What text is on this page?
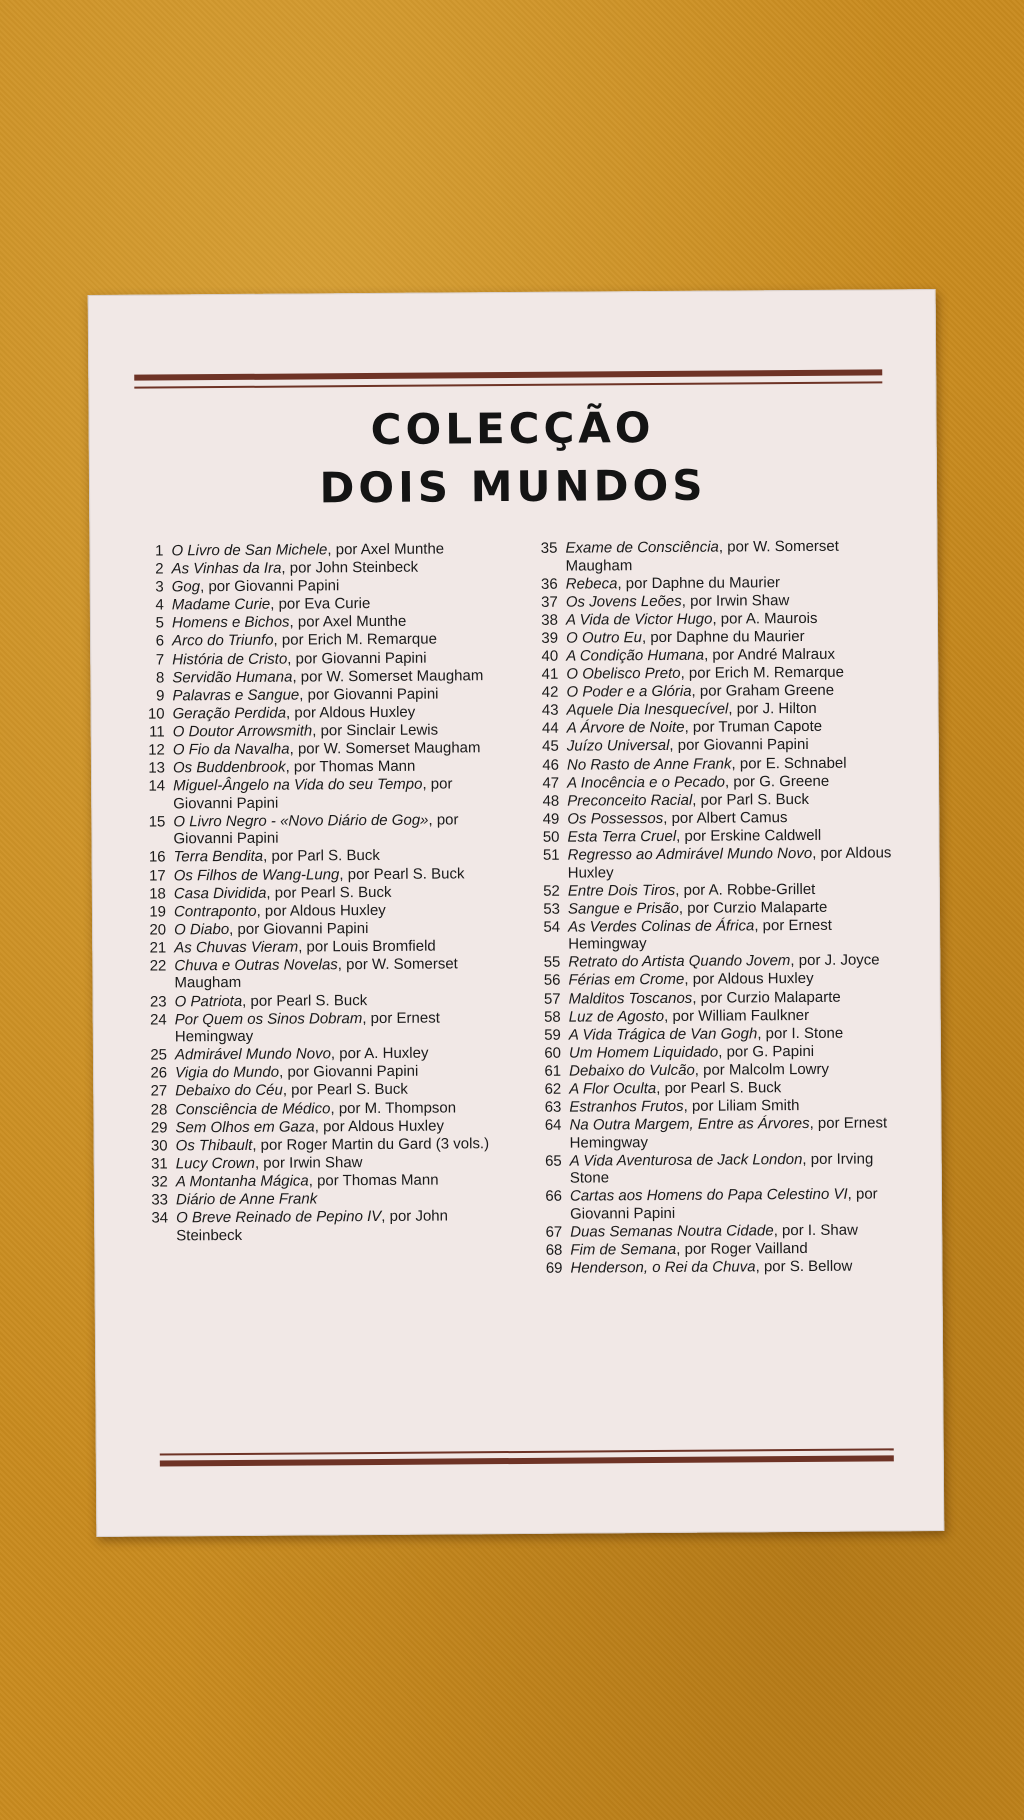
COLECÇÃO
DOIS MUNDOS
1 O Livro de San Michele, por Axel Munthe
2 As Vinhas da Ira, por John Steinbeck
3 Gog, por Giovanni Papini
4 Madame Curie, por Eva Curie
5 Homens e Bichos, por Axel Munthe
6 Arco do Triunfo, por Erich M. Remarque
7 História de Cristo, por Giovanni Papini
8 Servidão Humana, por W. Somerset Maugham
9 Palavras e Sangue, por Giovanni Papini
10 Geração Perdida, por Aldous Huxley
11 O Doutor Arrowsmith, por Sinclair Lewis
12 O Fio da Navalha, por W. Somerset Maugham
13 Os Buddenbrook, por Thomas Mann
14 Miguel-Ângelo na Vida do seu Tempo, por Giovanni Papini
15 O Livro Negro - «Novo Diário de Gog», por Giovanni Papini
16 Terra Bendita, por Parl S. Buck
17 Os Filhos de Wang-Lung, por Pearl S. Buck
18 Casa Dividida, por Pearl S. Buck
19 Contraponto, por Aldous Huxley
20 O Diabo, por Giovanni Papini
21 As Chuvas Vieram, por Louis Bromfield
22 Chuva e Outras Novelas, por W. Somerset Maugham
23 O Patriota, por Pearl S. Buck
24 Por Quem os Sinos Dobram, por Ernest Hemingway
25 Admirável Mundo Novo, por A. Huxley
26 Vigia do Mundo, por Giovanni Papini
27 Debaixo do Céu, por Pearl S. Buck
28 Consciência de Médico, por M. Thompson
29 Sem Olhos em Gaza, por Aldous Huxley
30 Os Thibault, por Roger Martin du Gard (3 vols.)
31 Lucy Crown, por Irwin Shaw
32 A Montanha Mágica, por Thomas Mann
33 Diário de Anne Frank
34 O Breve Reinado de Pepino IV, por John Steinbeck
35 Exame de Consciência, por W. Somerset Maugham
36 Rebeca, por Daphne du Maurier
37 Os Jovens Leões, por Irwin Shaw
38 A Vida de Victor Hugo, por A. Maurois
39 O Outro Eu, por Daphne du Maurier
40 A Condição Humana, por André Malraux
41 O Obelisco Preto, por Erich M. Remarque
42 O Poder e a Glória, por Graham Greene
43 Aquele Dia Inesquecível, por J. Hilton
44 A Árvore de Noite, por Truman Capote
45 Juízo Universal, por Giovanni Papini
46 No Rasto de Anne Frank, por E. Schnabel
47 A Inocência e o Pecado, por G. Greene
48 Preconceito Racial, por Parl S. Buck
49 Os Possessos, por Albert Camus
50 Esta Terra Cruel, por Erskine Caldwell
51 Regresso ao Admirável Mundo Novo, por Aldous Huxley
52 Entre Dois Tiros, por A. Robbe-Grillet
53 Sangue e Prisão, por Curzio Malaparte
54 As Verdes Colinas de África, por Ernest Hemingway
55 Retrato do Artista Quando Jovem, por J. Joyce
56 Férias em Crome, por Aldous Huxley
57 Malditos Toscanos, por Curzio Malaparte
58 Luz de Agosto, por William Faulkner
59 A Vida Trágica de Van Gogh, por I. Stone
60 Um Homem Liquidado, por G. Papini
61 Debaixo do Vulcão, por Malcolm Lowry
62 A Flor Oculta, por Pearl S. Buck
63 Estranhos Frutos, por Liliam Smith
64 Na Outra Margem, Entre as Árvores, por Ernest Hemingway
65 A Vida Aventurosa de Jack London, por Irving Stone
66 Cartas aos Homens do Papa Celestino VI, por Giovanni Papini
67 Duas Semanas Noutra Cidade, por I. Shaw
68 Fim de Semana, por Roger Vailland
69 Henderson, o Rei da Chuva, por S. Bellow
